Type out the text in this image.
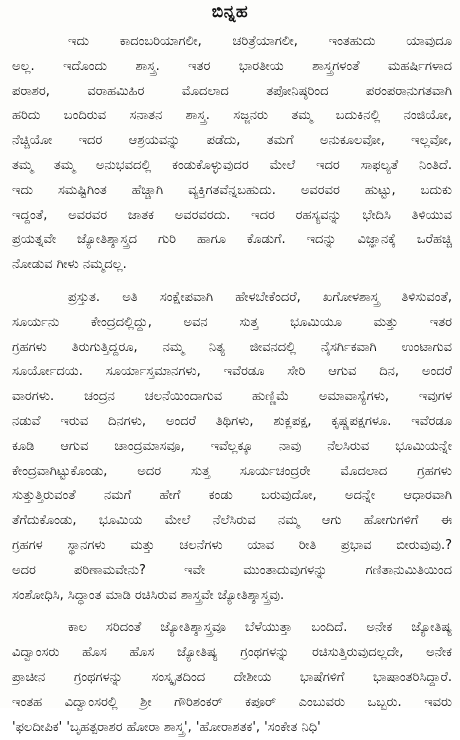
ಬಿನ್ನಹ
ಇದು ಕಾದಂಬರಿಯಾಗಲೀ, ಚರಿತ್ರೆಯಾಗಲೀ, ಇಂತಹುದು ಯಾವುದೂ
ಅಲ್ಲ. ಇದೊಂದು ಶಾಸ್ತ್ರ. ಇತರ ಭಾರತೀಯ ಶಾಸ್ತ್ರಗಳಂತೆ ಮಹರ್ಷಿಗಳಾದ
ಪರಾಶರ, ವರಾಹಮಿಹಿರ ಮೊದಲಾದ ತಪೋನಿಷ್ಠರಿಂದ ಪರಂಪರಾನುಗತವಾಗಿ
ಹರಿದು ಬಂದಿರುವ ಸನಾತನ ಶಾಸ್ತ್ರ. ಸಜ್ಜನರು ತಮ್ಮ ಬದುಕಿನಲ್ಲಿ ನಂಜಿಯೋ,
ನೆಚ್ಚಿಯೋ ಇದರ ಆಶ್ರಯವನ್ನು ಪಡೆದು, ತಮಗೆ ಅನುಕೂಲವೋ, ಇಲ್ಲವೋ,
ತಮ್ಮ ತಮ್ಮ ಅನುಭವದಲ್ಲಿ ಕಂಡುಕೊಳ್ಳುವುದರ ಮೇಲೆ ಇದರ ಸಾಫಲ್ಯತೆ ನಿಂತಿದೆ.
ಇದು ಸಮಷ್ಟಿಗಿಂತ ಹೆಚ್ಚಾಗಿ ವ್ಯಕ್ತಿಗತವೆನ್ನಬಹುದು. ಅವರವರ ಹುಟ್ಟು, ಬದುಕು
ಇದ್ದಂತೆ, ಅವರವರ ಜಾತಕ ಅವರವರದು. ಇದರ ರಹಸ್ಯವನ್ನು ಭೇದಿಸಿ ತಿಳಿಯುವ
ಪ್ರಯತ್ನವೇ ಜ್ಯೋತಿಶ್ಶಾಸ್ತ್ರದ ಗುರಿ ಹಾಗೂ ಕೊಡುಗೆ. ಇದನ್ನು ವಿಜ್ಞಾನಕ್ಕೆ ಒರೆಹಚ್ಚಿ
ನೋಡುವ ಗೀಳು ನಮ್ಮದಲ್ಲ.
ಪ್ರಸ್ತುತ. ಅತಿ ಸಂಕ್ಷೇಪವಾಗಿ ಹೇಳಬೇಕೆಂದರೆ, ಖಗೋಳಶಾಸ್ತ್ರ ತಿಳಿಸುವಂತೆ,
ಸೂರ್ಯನು ಕೇಂದ್ರದಲ್ಲಿದ್ದು, ಅವನ ಸುತ್ತ ಭೂಮಿಯೂ ಮತ್ತು ಇತರ
ಗ್ರಹಗಳು ತಿರುಗುತ್ತಿದ್ದರೂ, ನಮ್ಮ ನಿತ್ಯ ಜೀವನದಲ್ಲಿ ನೈಸರ್ಗಿಕವಾಗಿ ಉಂಟಾಗುವ
ಸೂರ್ಯೋದಯ. ಸೂರ್ಯಾಸ್ತಮಾನಗಳು, ಇವೆರಡೂ ಸೇರಿ ಆಗುವ ದಿನ, ಅಂದರೆ
ವಾರಗಳು. ಚಂದ್ರನ ಚಲನೆಯಿಂದಾಗುವ ಹುಣ್ಣಿಮೆ ಅಮಾವಾಸ್ಯೆಗಳು, ಇವುಗಳ
ನಡುವೆ ಇರುವ ದಿನಗಳು, ಅಂದರೆ ತಿಥಿಗಳು, ಶುಕ್ಲಪಕ್ಷ, ಕೃಷ್ಣಪಕ್ಷಗಳೂ. ಇವೆರಡೂ
ಕೂಡಿ ಆಗುವ ಚಾಂದ್ರಮಾಸವೂ, ಇವೆಲ್ಲಕ್ಕೂ ನಾವು ನೆಲಸಿರುವ ಭೂಮಿಯನ್ನೇ
ಕೇಂದ್ರವಾಗಿಟ್ಟುಕೊಂಡು, ಅದರ ಸುತ್ತ ಸೂರ್ಯಚಂದ್ರರೇ ಮೊದಲಾದ ಗ್ರಹಗಳು
ಸುತ್ತುತ್ತಿರುವಂತೆ ನಮಗೆ ಹೇಗೆ ಕಂಡು ಬರುವುದೋ, ಅದನ್ನೇ ಆಧಾರವಾಗಿ
ತೆಗೆದುಕೊಂಡು, ಭೂಮಿಯ ಮೇಲೆ ನೆಲೆಸಿರುವ ನಮ್ಮ ಆಗು ಹೋಗುಗಳಿಗೆ ಈ
ಗ್ರಹಗಳ ಸ್ಥಾನಗಳು ಮತ್ತು ಚಲನೆಗಳು ಯಾವ ರೀತಿ ಪ್ರಭಾವ ಬೀರುವುವು.?
ಅದರ ಪರಿಣಾಮವೇನು? ಇವೇ ಮುಂತಾದುವುಗಳನ್ನು ಗಣಿತಾನುಮಿತಿಯಿಂದ
ಸಂಶೋಧಿಸಿ, ಸಿದ್ಧಾಂತ ಮಾಡಿ ರಚಿಸಿರುವ ಶಾಸ್ತ್ರವೇ ಜ್ಯೋತಿಶ್ಶಾಸ್ತ್ರವು.
ಕಾಲ ಸರಿದಂತೆ ಜ್ಯೋತಿಶ್ಶಾಸ್ತ್ರವೂ ಬೆಳೆಯುತ್ತಾ ಬಂದಿದೆ. ಅನೇಕ ಜ್ಯೋತಿಷ್ಯ
ವಿದ್ವಾಂಸರು ಹೊಸ ಹೊಸ ಜ್ಯೋತಿಷ್ಯ ಗ್ರಂಥಗಳನ್ನು ರಚಿಸುತ್ತಿರುವುದಲ್ಲದೇ, ಅನೇಕ
ಪ್ರಾಚೀನ ಗ್ರಂಥಗಳನ್ನು ಸಂಸ್ಕೃತದಿಂದ ದೇಶೀಯ ಭಾಷೆಗಳಿಗೆ ಭಾಷಾಂತರಿಸಿದ್ದಾರೆ.
ಇಂತಹ ವಿದ್ವಾಂಸರಲ್ಲಿ ಶ್ರೀ ಗೌರಿಶಂಕರ್ ಕಪೂರ್ ಎಂಬುವರು ಒಬ್ಬರು. ಇವರು
'ಫಲದೀಪಿಕ' 'ಬೃಹತ್ಪರಾಶರ ಹೋರಾ ಶಾಸ್ತ್ರ', 'ಹೋರಾಶತಕ', 'ಸಂಕೇತ ನಿಧಿ'
